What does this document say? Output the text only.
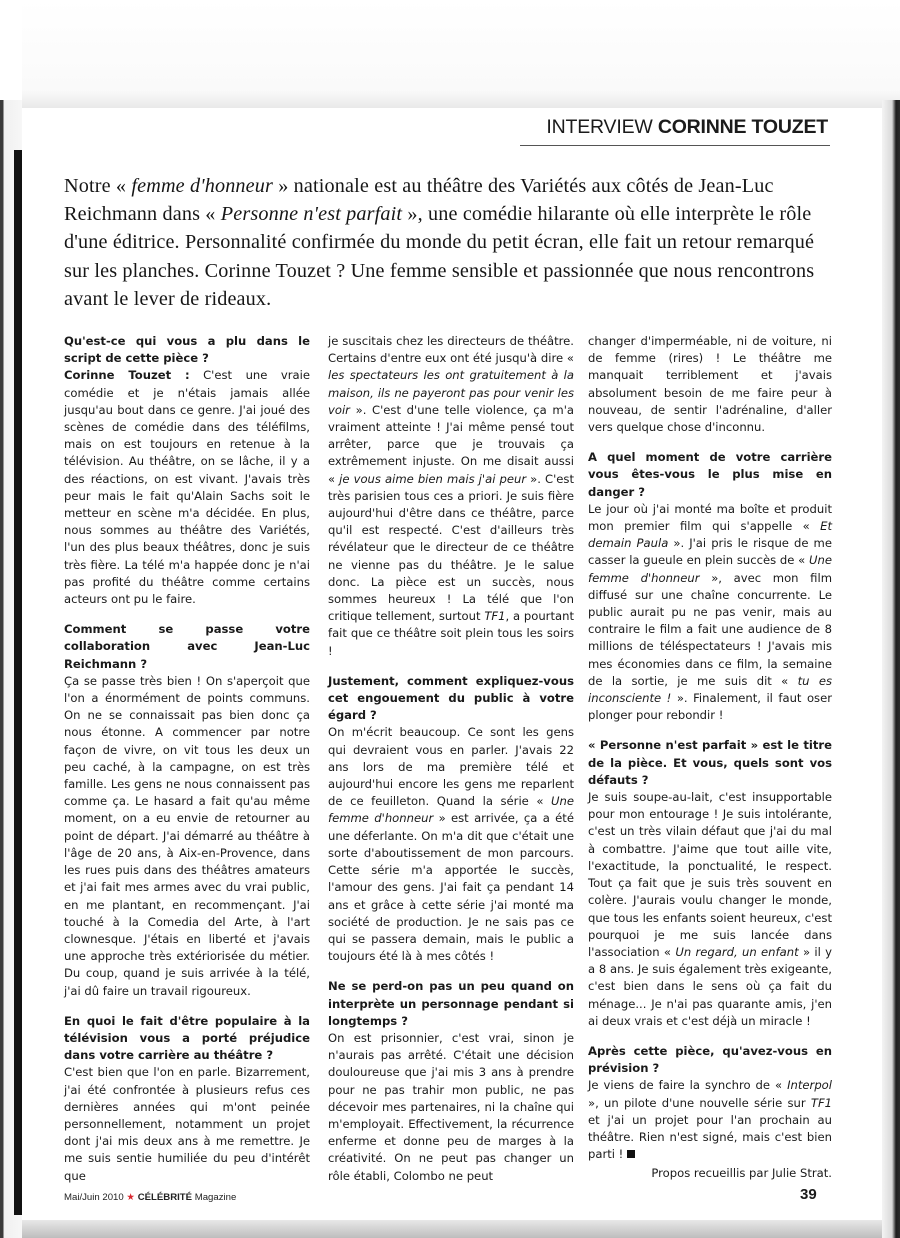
INTERVIEW CORINNE TOUZET
Notre « femme d'honneur » nationale est au théâtre des Variétés aux côtés de Jean-Luc Reichmann dans « Personne n'est parfait », une comédie hilarante où elle interprète le rôle d'une éditrice. Personnalité confirmée du monde du petit écran, elle fait un retour remarqué sur les planches. Corinne Touzet ? Une femme sensible et passionnée que nous rencontrons avant le lever de rideaux.

Qu'est-ce qui vous a plu dans le script de cette pièce ?
Corinne Touzet : C'est une vraie comédie et je n'étais jamais allée jusqu'au bout dans ce genre. J'ai joué des scènes de comédie dans des téléfilms, mais on est toujours en retenue à la télévision. Au théâtre, on se lâche, il y a des réactions, on est vivant. J'avais très peur mais le fait qu'Alain Sachs soit le metteur en scène m'a décidée. En plus, nous sommes au théâtre des Variétés, l'un des plus beaux théâtres, donc je suis très fière. La télé m'a happée donc je n'ai pas profité du théâtre comme certains acteurs ont pu le faire.

Comment se passe votre collaboration avec Jean-Luc Reichmann ?
Ça se passe très bien ! On s'aperçoit que l'on a énormément de points communs. On ne se connaissait pas bien donc ça nous étonne. A commencer par notre façon de vivre, on vit tous les deux un peu caché, à la campagne, on est très famille. Les gens ne nous connaissent pas comme ça. Le hasard a fait qu'au même moment, on a eu envie de retourner au point de départ. J'ai démarré au théâtre à l'âge de 20 ans, à Aix-en-Provence, dans les rues puis dans des théâtres amateurs et j'ai fait mes armes avec du vrai public, en me plantant, en recommençant. J'ai touché à la Comedia del Arte, à l'art clownesque. J'étais en liberté et j'avais une approche très extériorisée du métier. Du coup, quand je suis arrivée à la télé, j'ai dû faire un travail rigoureux.

En quoi le fait d'être populaire à la télévision vous a porté préjudice dans votre carrière au théâtre ?
C'est bien que l'on en parle. Bizarrement, j'ai été confrontée à plusieurs refus ces dernières années qui m'ont peinée personnellement, notamment un projet dont j'ai mis deux ans à me remettre. Je me suis sentie humiliée du peu d'intérêt que

je suscitais chez les directeurs de théâtre. Certains d'entre eux ont été jusqu'à dire « les spectateurs les ont gratuitement à la maison, ils ne payeront pas pour venir les voir ». C'est d'une telle violence, ça m'a vraiment atteinte ! J'ai même pensé tout arrêter, parce que je trouvais ça extrêmement injuste. On me disait aussi « je vous aime bien mais j'ai peur ». C'est très parisien tous ces a priori. Je suis fière aujourd'hui d'être dans ce théâtre, parce qu'il est respecté. C'est d'ailleurs très révélateur que le directeur de ce théâtre ne vienne pas du théâtre. Je le salue donc. La pièce est un succès, nous sommes heureux ! La télé que l'on critique tellement, surtout TF1, a pourtant fait que ce théâtre soit plein tous les soirs !

Justement, comment expliquez-vous cet engouement du public à votre égard ?
On m'écrit beaucoup. Ce sont les gens qui devraient vous en parler. J'avais 22 ans lors de ma première télé et aujourd'hui encore les gens me reparlent de ce feuilleton. Quand la série « Une femme d'honneur » est arrivée, ça a été une déferlante. On m'a dit que c'était une sorte d'aboutissement de mon parcours. Cette série m'a apportée le succès, l'amour des gens. J'ai fait ça pendant 14 ans et grâce à cette série j'ai monté ma société de production. Je ne sais pas ce qui se passera demain, mais le public a toujours été là à mes côtés !

Ne se perd-on pas un peu quand on interprète un personnage pendant si longtemps ?
On est prisonnier, c'est vrai, sinon je n'aurais pas arrêté. C'était une décision douloureuse que j'ai mis 3 ans à prendre pour ne pas trahir mon public, ne pas décevoir mes partenaires, ni la chaîne qui m'employait. Effectivement, la récurrence enferme et donne peu de marges à la créativité. On ne peut pas changer un rôle établi, Colombo ne peut

changer d'imperméable, ni de voiture, ni de femme (rires) ! Le théâtre me manquait terriblement et j'avais absolument besoin de me faire peur à nouveau, de sentir l'adrénaline, d'aller vers quelque chose d'inconnu.

A quel moment de votre carrière vous êtes-vous le plus mise en danger ?
Le jour où j'ai monté ma boîte et produit mon premier film qui s'appelle « Et demain Paula ». J'ai pris le risque de me casser la gueule en plein succès de « Une femme d'honneur », avec mon film diffusé sur une chaîne concurrente. Le public aurait pu ne pas venir, mais au contraire le film a fait une audience de 8 millions de téléspectateurs ! J'avais mis mes économies dans ce film, la semaine de la sortie, je me suis dit « tu es inconsciente ! ». Finalement, il faut oser plonger pour rebondir !

« Personne n'est parfait » est le titre de la pièce. Et vous, quels sont vos défauts ?
Je suis soupe-au-lait, c'est insupportable pour mon entourage ! Je suis intolérante, c'est un très vilain défaut que j'ai du mal à combattre. J'aime que tout aille vite, l'exactitude, la ponctualité, le respect. Tout ça fait que je suis très souvent en colère. J'aurais voulu changer le monde, que tous les enfants soient heureux, c'est pourquoi je me suis lancée dans l'association « Un regard, un enfant » il y a 8 ans. Je suis également très exigeante, c'est bien dans le sens où ça fait du ménage... Je n'ai pas quarante amis, j'en ai deux vrais et c'est déjà un miracle !

Après cette pièce, qu'avez-vous en prévision ?
Je viens de faire la synchro de « Interpol », un pilote d'une nouvelle série sur TF1 et j'ai un projet pour l'an prochain au théâtre. Rien n'est signé, mais c'est bien parti !
Propos recueillis par Julie Strat.

Mai/Juin 2010 ★ CÉLÉBRITÉ Magazine	39
